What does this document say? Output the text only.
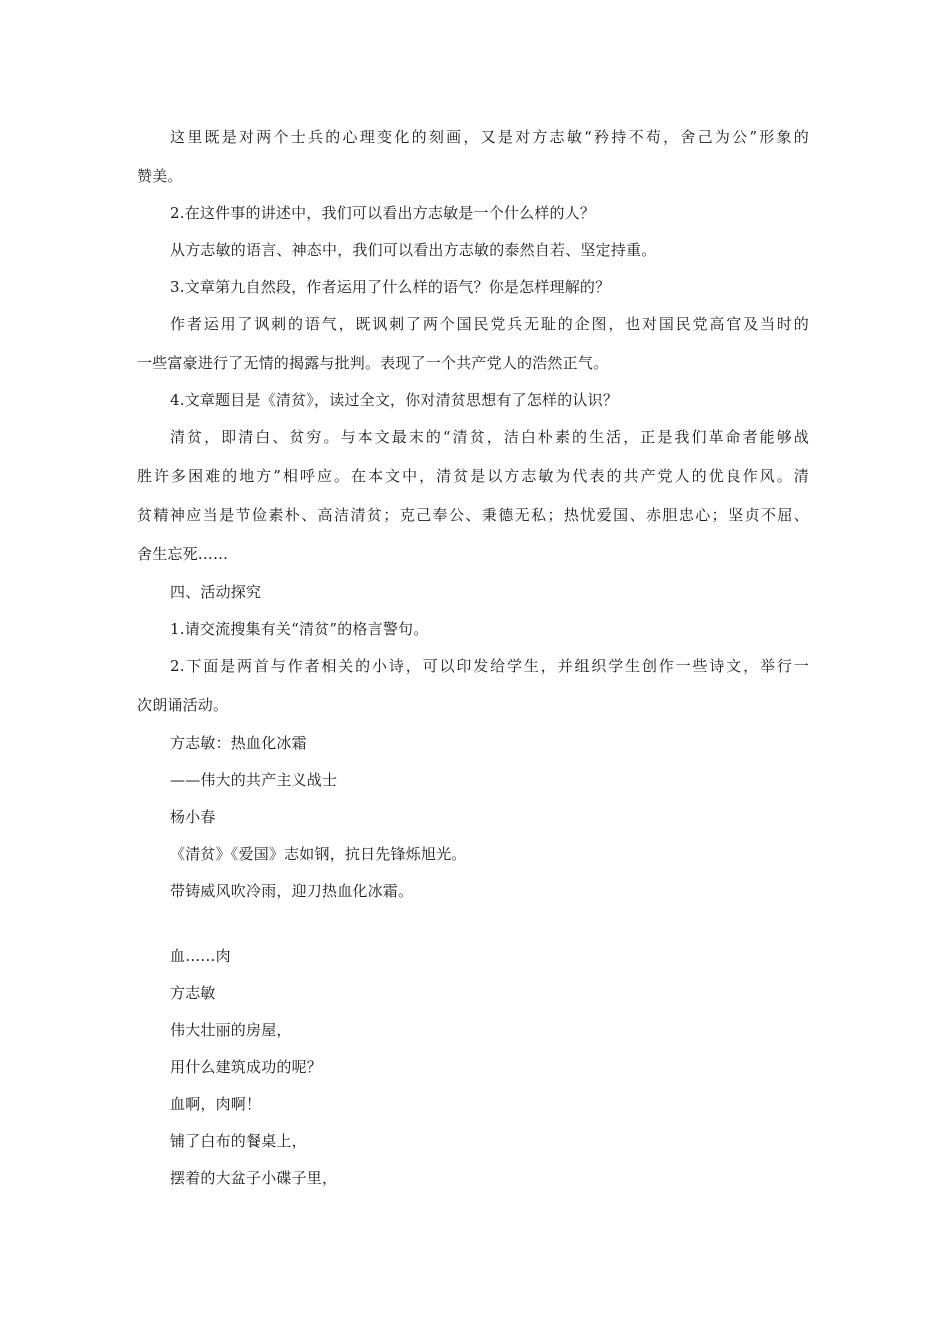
这里既是对两个士兵的心理变化的刻画，又是对方志敏“矜持不苟，舍己为公”形象的
赞美。
2.在这件事的讲述中，我们可以看出方志敏是一个什么样的人？
从方志敏的语言、神态中，我们可以看出方志敏的泰然自若、坚定持重。
3.文章第九自然段，作者运用了什么样的语气？你是怎样理解的？
作者运用了讽刺的语气，既讽刺了两个国民党兵无耻的企图，也对国民党高官及当时的
一些富豪进行了无情的揭露与批判。表现了一个共产党人的浩然正气。
4.文章题目是《清贫》，读过全文，你对清贫思想有了怎样的认识？
清贫，即清白、贫穷。与本文最末的“清贫，洁白朴素的生活，正是我们革命者能够战
胜许多困难的地方”相呼应。在本文中，清贫是以方志敏为代表的共产党人的优良作风。清
贫精神应当是节俭素朴、高洁清贫；克己奉公、秉德无私；热忧爱国、赤胆忠心；坚贞不屈、
舍生忘死……
四、活动探究
1.请交流搜集有关“清贫”的格言警句。
2.下面是两首与作者相关的小诗，可以印发给学生，并组织学生创作一些诗文，举行一
次朗诵活动。
方志敏：热血化冰霜
——伟大的共产主义战士
杨小春
《清贫》《爱国》志如钢，抗日先锋烁旭光。
带铸威风吹冷雨，迎刀热血化冰霜。
血……肉
方志敏
伟大壮丽的房屋，
用什么建筑成功的呢？
血啊，肉啊！
铺了白布的餐桌上，
摆着的大盆子小碟子里，
